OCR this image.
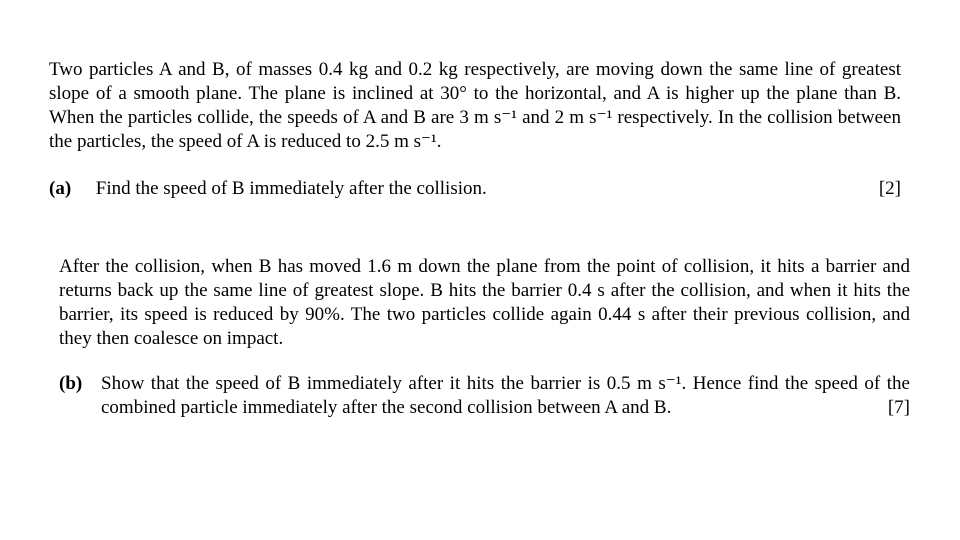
Two particles A and B, of masses 0.4 kg and 0.2 kg respectively, are moving down the same line of greatest slope of a smooth plane. The plane is inclined at 30° to the horizontal, and A is higher up the plane than B. When the particles collide, the speeds of A and B are 3 m s⁻¹ and 2 m s⁻¹ respectively. In the collision between the particles, the speed of A is reduced to 2.5 m s⁻¹.

(a) Find the speed of B immediately after the collision.	[2]

After the collision, when B has moved 1.6 m down the plane from the point of collision, it hits a barrier and returns back up the same line of greatest slope. B hits the barrier 0.4 s after the collision, and when it hits the barrier, its speed is reduced by 90%. The two particles collide again 0.44 s after their previous collision, and they then coalesce on impact.

(b) Show that the speed of B immediately after it hits the barrier is 0.5 m s⁻¹. Hence find the speed of the combined particle immediately after the second collision between A and B.	[7]
